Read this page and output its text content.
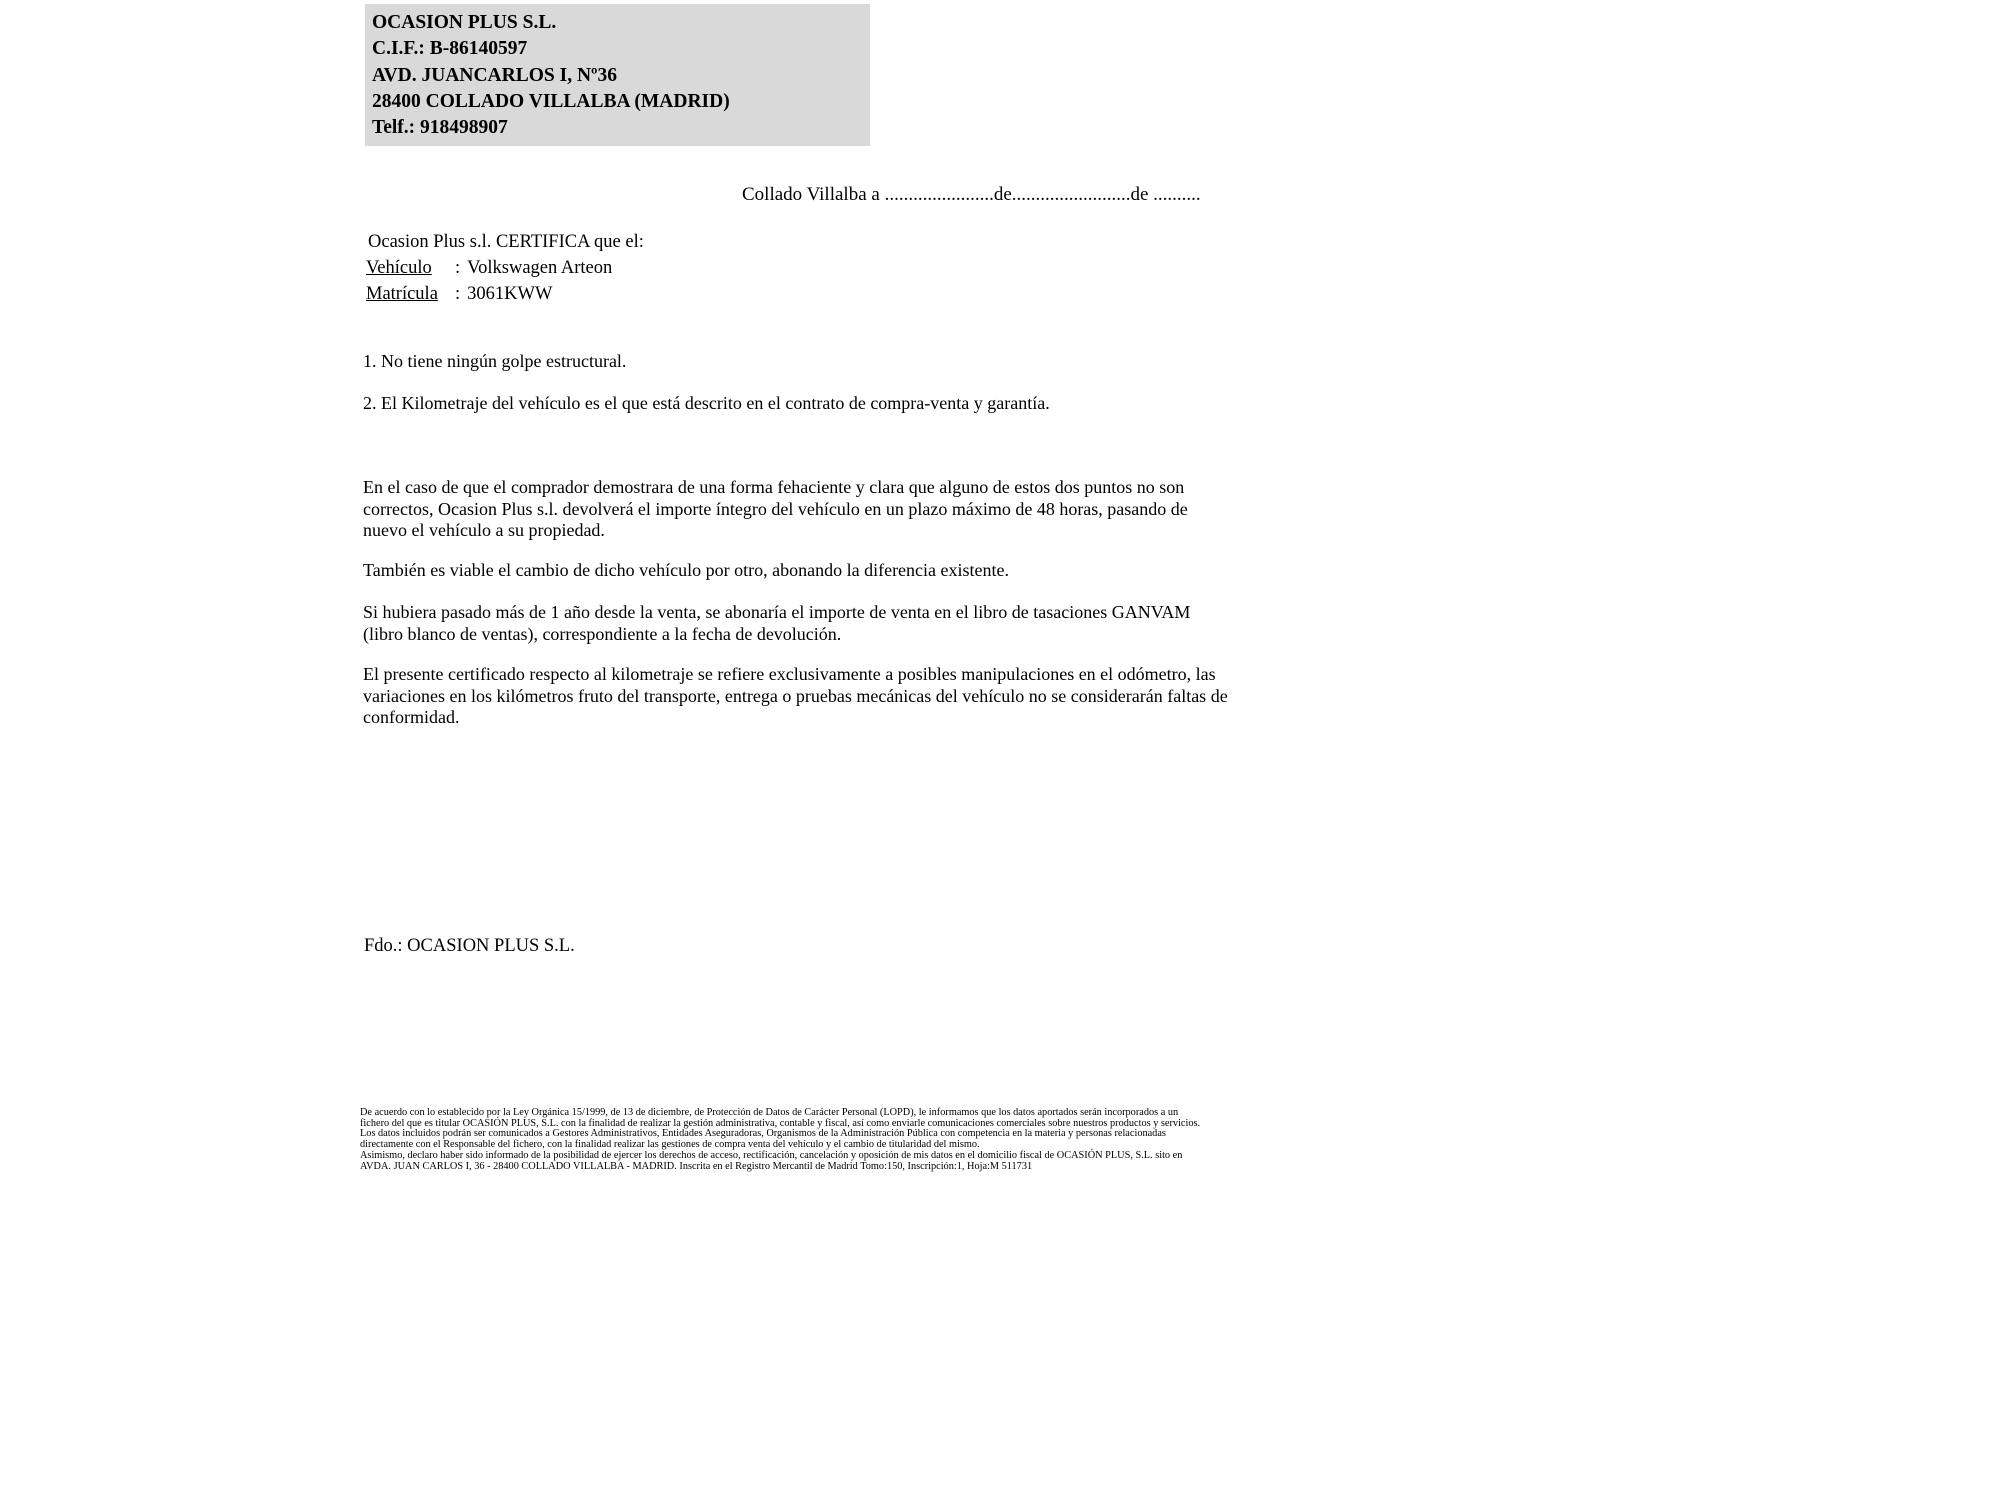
OCASION PLUS S.L.
C.I.F.: B-86140597
AVD. JUANCARLOS I, Nº36
28400 COLLADO VILLALBA (MADRID)
Telf.: 918498907
Collado Villalba a .......................de.........................de ..........
Ocasion Plus s.l. CERTIFICA que el:
Vehículo : Volkswagen Arteon
Matrícula : 3061KWW
1. No tiene ningún golpe estructural.
2. El Kilometraje del vehículo es el que está descrito en el contrato de compra-venta y garantía.
En el caso de que el comprador demostrara de una forma fehaciente y clara que alguno de estos dos puntos no son correctos, Ocasion Plus s.l. devolverá el importe íntegro del vehículo en un plazo máximo de 48 horas, pasando de nuevo el vehículo a su propiedad.
También es viable el cambio de dicho vehículo por otro, abonando la diferencia existente.
Si hubiera pasado más de 1 año desde la venta, se abonaría el importe de venta en el libro de tasaciones GANVAM (libro blanco de ventas), correspondiente a la fecha de devolución.
El presente certificado respecto al kilometraje se refiere exclusivamente a posibles manipulaciones en el odómetro, las variaciones en los kilómetros fruto del transporte, entrega o pruebas mecánicas del vehículo no se considerarán faltas de conformidad.
Fdo.: OCASION PLUS S.L.

De acuerdo con lo establecido por la Ley Orgánica 15/1999, de 13 de diciembre, de Protección de Datos de Carácter Personal (LOPD), le informamos que los datos aportados serán incorporados a un fichero del que es titular OCASIÓN PLUS, S.L. con la finalidad de realizar la gestión administrativa, contable y fiscal, así como enviarle comunicaciones comerciales sobre nuestros productos y servicios.

Los datos incluidos podrán ser comunicados a Gestores Administrativos, Entidades Aseguradoras, Organismos de la Administración Pública con competencia en la materia y personas relacionadas directamente con el Responsable del fichero, con la finalidad realizar las gestiones de compra venta del vehículo y el cambio de titularidad del mismo.

Asimismo, declaro haber sido informado de la posibilidad de ejercer los derechos de acceso, rectificación, cancelación y oposición de mis datos en el domicilio fiscal de OCASIÓN PLUS, S.L. sito en AVDA. JUAN CARLOS I, 36 - 28400 COLLADO VILLALBA - MADRID. Inscrita en el Registro Mercantil de Madrid Tomo:150, Inscripción:1, Hoja:M 511731
